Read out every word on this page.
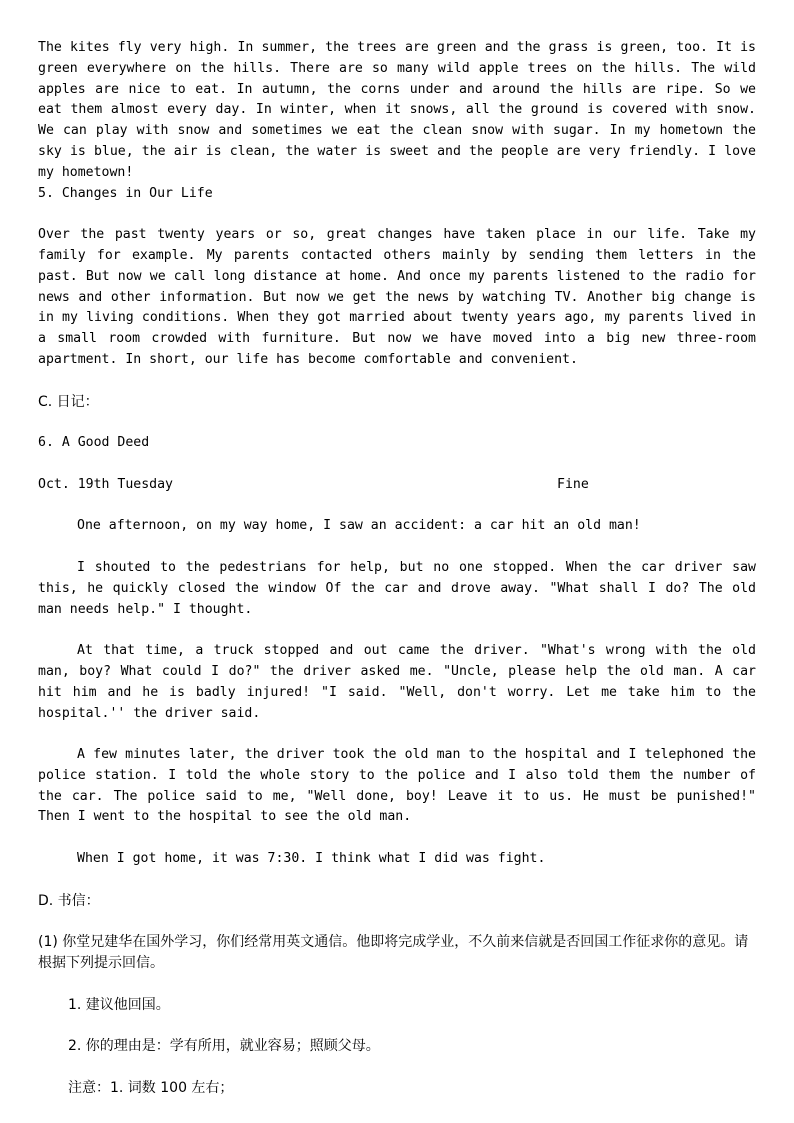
The kites fly very high. In summer, the trees are green and the grass is green, too. It is green everywhere on the hills. There are so many wild apple trees on the hills. The wild apples are nice to eat. In autumn, the corns under and around the hills are ripe. So we eat them almost every day. In winter, when it snows, all the ground is covered with snow. We can play with snow and sometimes we eat the clean snow with sugar. In my hometown the sky is blue, the air is clean, the water is sweet and the people are very friendly. I love my hometown!

5. Changes in Our Life

Over the past twenty years or so, great changes have taken place in our life. Take my family for example. My parents contacted others mainly by sending them letters in the past. But now we call long distance at home. And once my parents listened to the radio for news and other information. But now we get the news by watching TV. Another big change is in my living conditions. When they got married about twenty years ago, my parents lived in a small room crowded with furniture. But now we have moved into a big new three-room apartment. In short, our life has become comfortable and convenient.

C. 日记：

6. A Good Deed

Oct. 19th Tuesday	Fine

One afternoon, on my way home, I saw an accident: a car hit an old man!

I shouted to the pedestrians for help, but no one stopped. When the car driver saw this, he quickly closed the window Of the car and drove away. "What shall I do? The old man needs help." I thought.

At that time, a truck stopped and out came the driver. "What's wrong with the old man, boy? What could I do?" the driver asked me. "Uncle, please help the old man. A car hit him and he is badly injured! "I said. "Well, don't worry. Let me take him to the hospital.'' the driver said.

A few minutes later, the driver took the old man to the hospital and I telephoned the police station. I told the whole story to the police and I also told them the number of the car. The police said to me, "Well done, boy! Leave it to us. He must be punished!" Then I went to the hospital to see the old man.

When I got home, it was 7:30. I think what I did was fight.

D. 书信：

(1) 你堂兄建华在国外学习，你们经常用英文通信。他即将完成学业，不久前来信就是否回国工作征求你的意见。请根据下列提示回信。

1. 建议他回国。

2. 你的理由是：学有所用，就业容易；照顾父母。

注意：1. 词数 100 左右；
